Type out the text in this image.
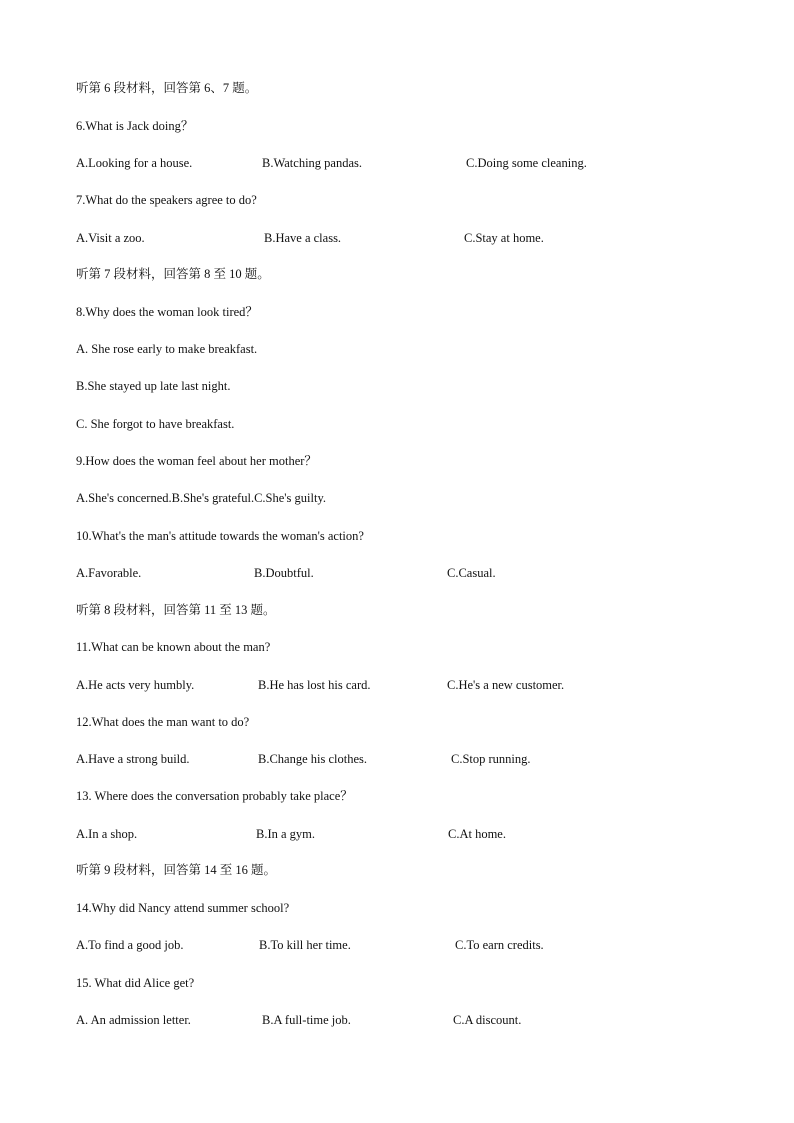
听第 6 段材料，回答第 6、7 题。
6.What is Jack doing？
A.Looking for a house.	B.Watching pandas.	C.Doing some cleaning.
7.What do the speakers agree to do?
A.Visit a zoo.	B.Have a class.	C.Stay at home.
听第 7 段材料，回答第 8 至 10 题。
8.Why does the woman look tired？
A. She rose early to make breakfast.
B.She stayed up late last night.
C. She forgot to have breakfast.
9.How does the woman feel about her mother？
A.She's concerned.B.She's grateful.C.She's guilty.
10.What's the man's attitude towards the woman's action?
A.Favorable.	B.Doubtful.	C.Casual.
听第 8 段材料，回答第 11 至 13 题。
11.What can be known about the man?
A.He acts very humbly.	B.He has lost his card.	C.He's a new customer.
12.What does the man want to do?
A.Have a strong build.	B.Change his clothes.	C.Stop running.
13. Where does the conversation probably take place？
A.In a shop.	B.In a gym.	C.At home.
听第 9 段材料，回答第 14 至 16 题。
14.Why did Nancy attend summer school?
A.To find a good job.	B.To kill her time.	C.To earn credits.
15. What did Alice get?
A. An admission letter.	B.A full-time job.	C.A discount.
